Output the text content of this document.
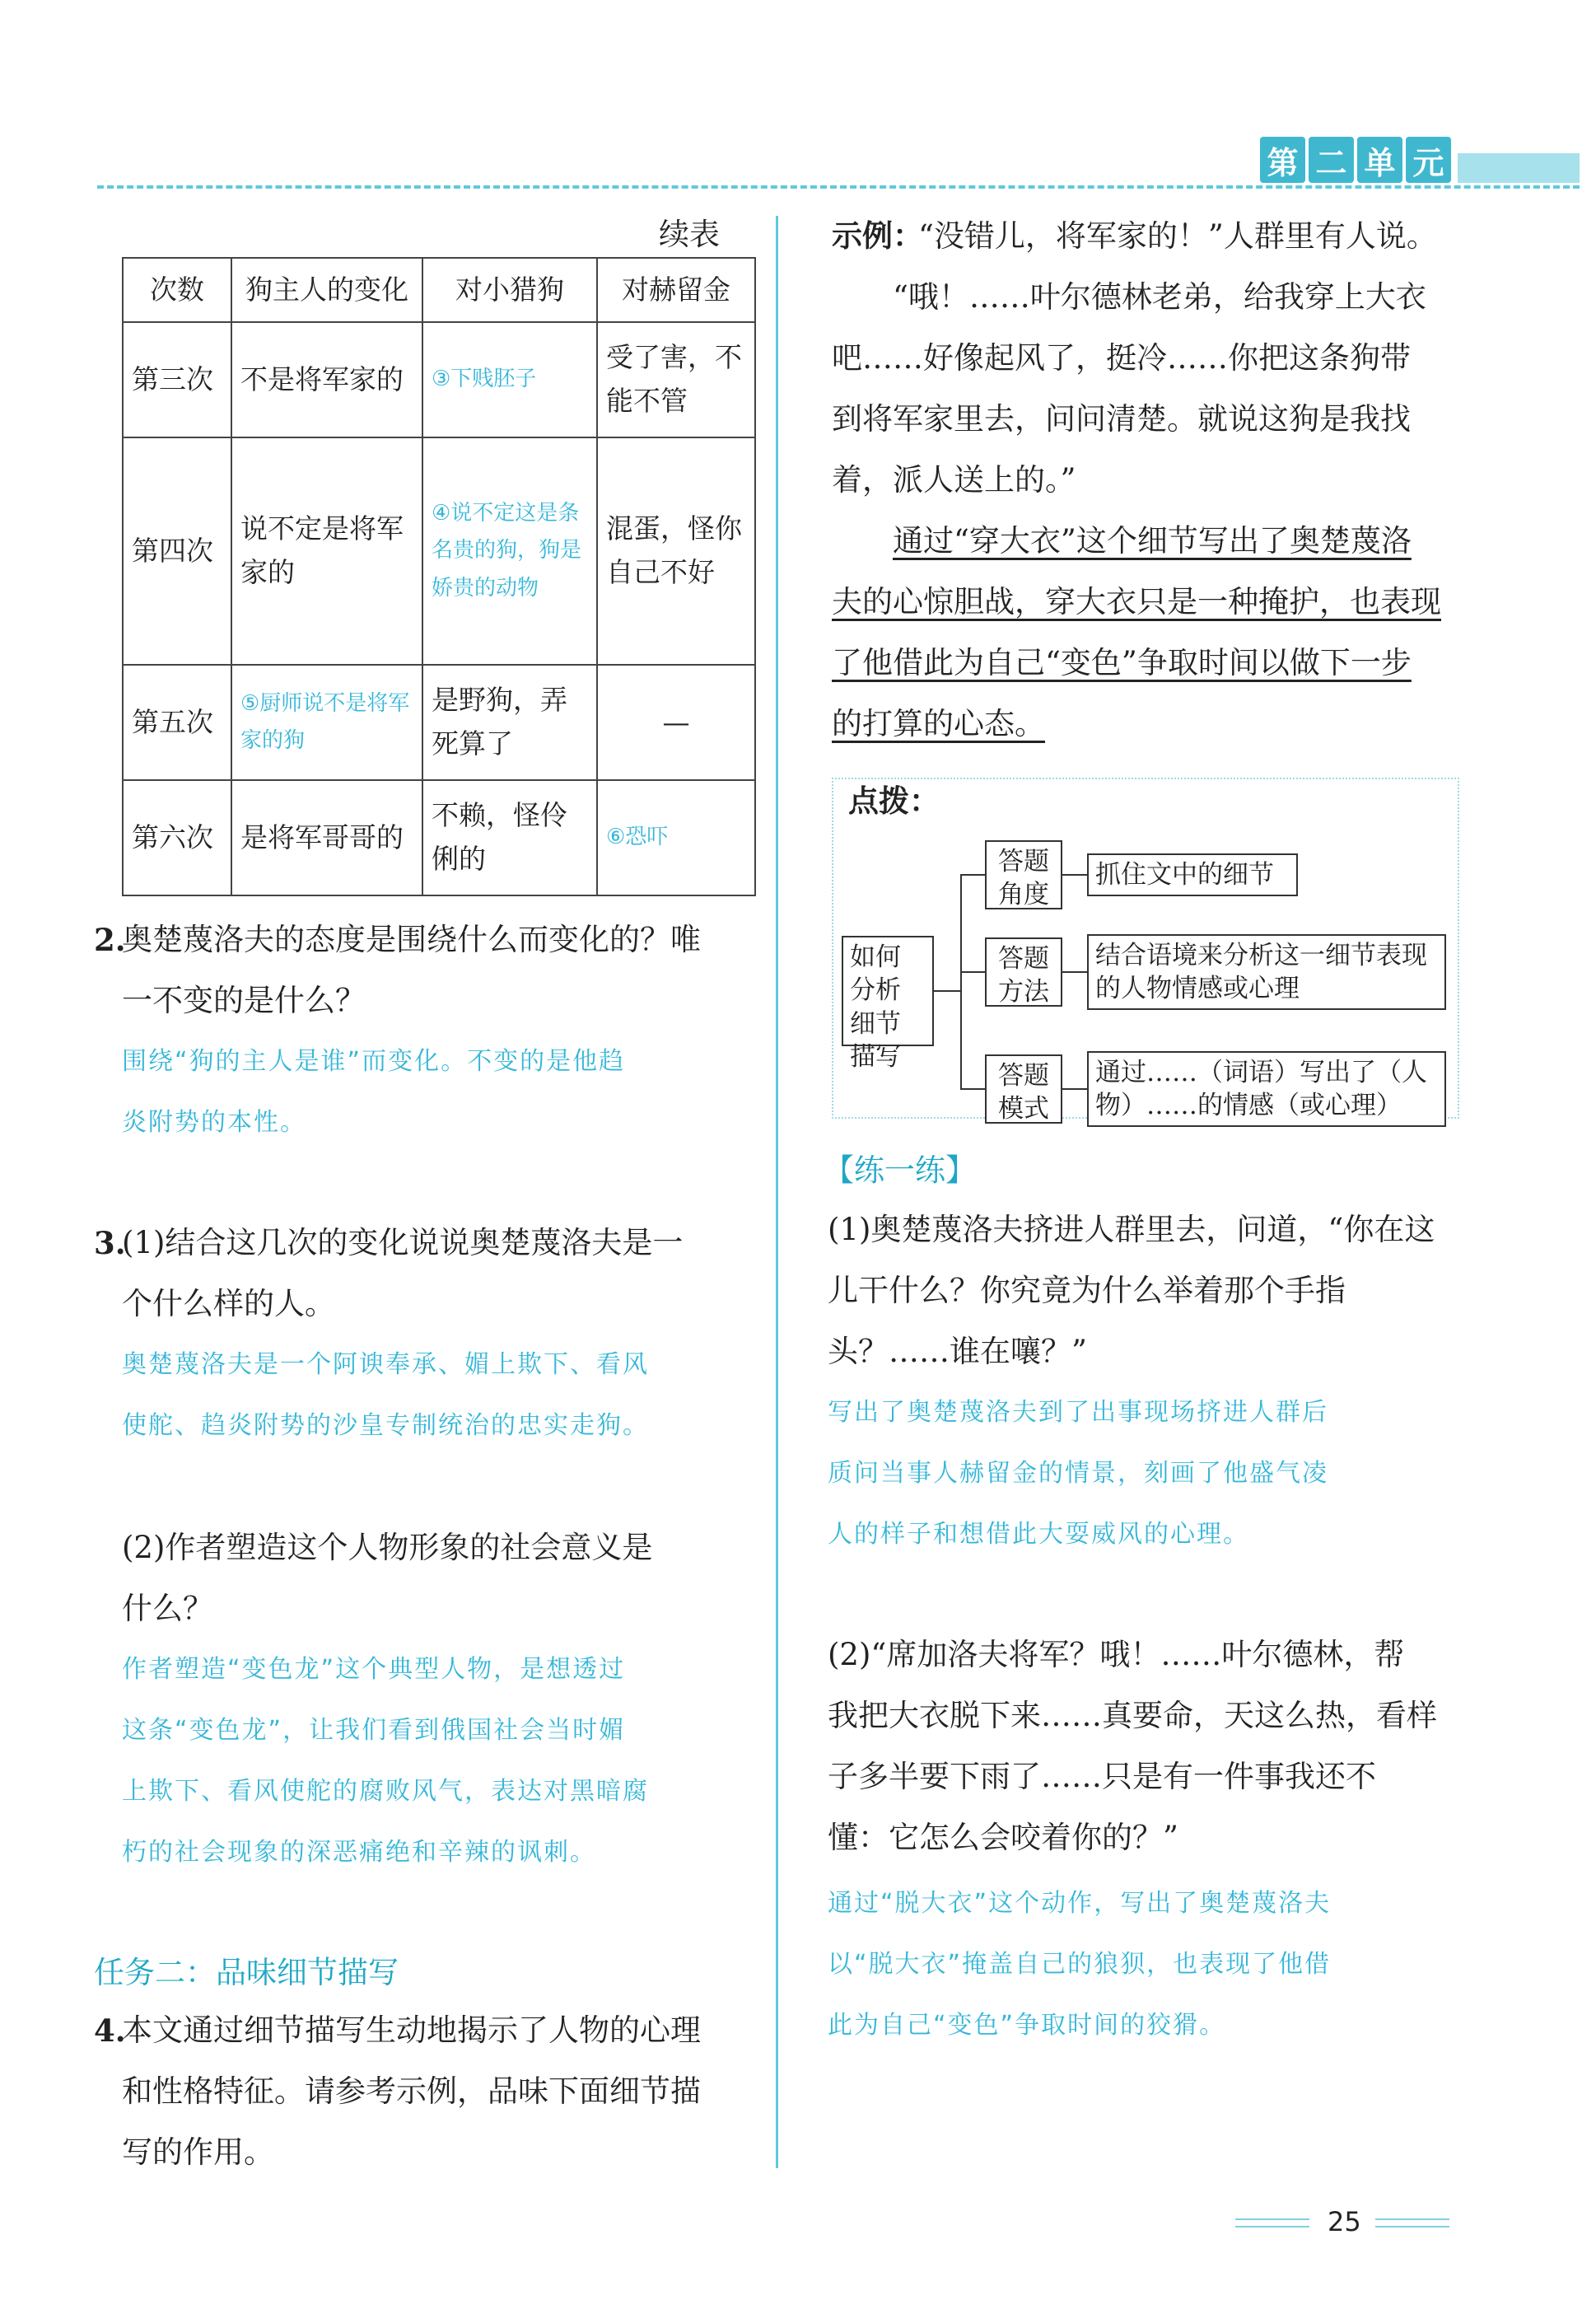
第 二 单 元
续表
次数	狗主人的变化	对小猎狗	对赫留金
第三次	不是将军家的	③下贱胚子	受了害，不能不管
第四次	说不定是将军家的	④说不定这是条名贵的狗，狗是娇贵的动物	混蛋，怪你自己不好
第五次	⑤厨师说不是将军家的狗	是野狗，弄死算了	—
第六次	是将军哥哥的	不赖，怪伶俐的	⑥恐吓
2.
奥楚蔑洛夫的态度是围绕什么而变化的？唯
一不变的是什么？
围绕“狗的主人是谁”而变化。不变的是他趋
炎附势的本性。
3.
(1)结合这几次的变化说说奥楚蔑洛夫是一
个什么样的人。
奥楚蔑洛夫是一个阿谀奉承、媚上欺下、看风
使舵、趋炎附势的沙皇专制统治的忠实走狗。
(2)作者塑造这个人物形象的社会意义是
什么？
作者塑造“变色龙”这个典型人物，是想透过
这条“变色龙”，让我们看到俄国社会当时媚
上欺下、看风使舵的腐败风气，表达对黑暗腐
朽的社会现象的深恶痛绝和辛辣的讽刺。
任务二：品味细节描写
4.
本文通过细节描写生动地揭示了人物的心理
和性格特征。请参考示例，品味下面细节描
写的作用。
示例：
“没错儿，将军家的！”人群里有人说。
“哦！……叶尔德林老弟，给我穿上大衣
吧……好像起风了，挺冷……你把这条狗带
到将军家里去，问问清楚。就说这狗是我找
着，派人送上的。”
通过“穿大衣”这个细节写出了奥楚蔑洛
夫的心惊胆战，穿大衣只是一种掩护，也表现
了他借此为自己“变色”争取时间以做下一步
的打算的心态。
点拨：
如何分析细节描写
答题角度
答题方法
答题模式
抓住文中的细节
结合语境来分析这一细节表现的人物情感或心理
通过……（词语）写出了（人物）……的情感（或心理）
【练一练】
(1)奥楚蔑洛夫挤进人群里去，问道，“你在这
儿干什么？你究竟为什么举着那个手指
头？……谁在嚷？”
写出了奥楚蔑洛夫到了出事现场挤进人群后
质问当事人赫留金的情景，刻画了他盛气凌
人的样子和想借此大耍威风的心理。
(2)“席加洛夫将军？哦！……叶尔德林，帮
我把大衣脱下来……真要命，天这么热，看样
子多半要下雨了……只是有一件事我还不
懂：它怎么会咬着你的？”
通过“脱大衣”这个动作，写出了奥楚蔑洛夫
以“脱大衣”掩盖自己的狼狈，也表现了他借
此为自己“变色”争取时间的狡猾。
25
